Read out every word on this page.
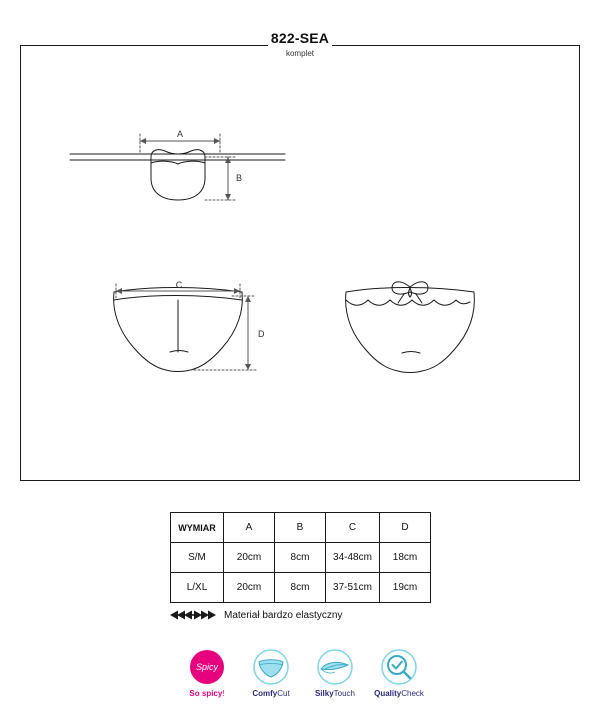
822-SEA
komplet
A
B
C
D
WYMIAR	A	B	C	D
S/M	20cm	8cm	34-48cm	18cm
L/XL	20cm	8cm	37-51cm	19cm
Materiał bardzo elastyczny
Spicy
So spicy!	ComfyCut	SilkyTouch	QualityCheck
